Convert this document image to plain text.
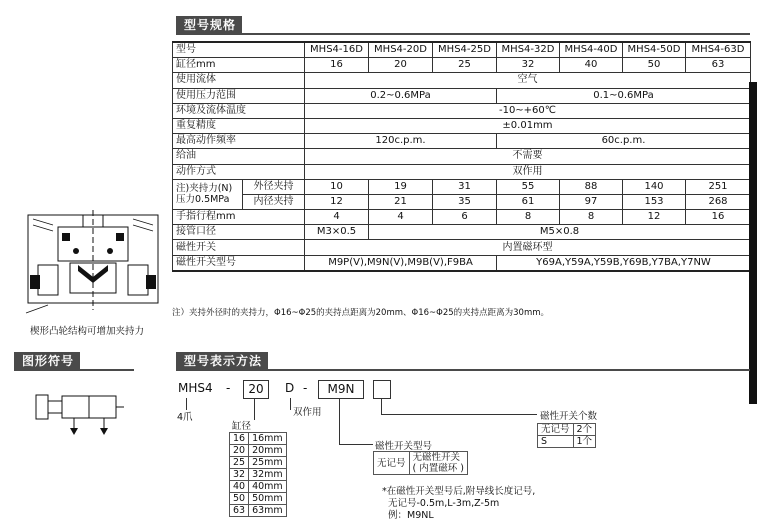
型号规格
型号		MHS4-16D	MHS4-20D	MHS4-25D	MHS4-32D	MHS4-40D	MHS4-50D	MHS4-63D
缸径mm		16	20	25	32	40	50	63
使用流体		空气						
使用压力范围		0.2~0.6MPa			0.1~0.6MPa			
环境及流体温度		-10~+60℃						
重复精度		±0.01mm						
最高动作频率		120c.p.m.			60c.p.m.			
给油		不需要						
动作方式		双作用						

注)夹持力(N)
压力0.5MPa	外径夹持	10	19	31	55	88	140	251
	内径夹持	12	21	35	61	97	153	268
手指行程mm		4	4	6	8	8	12	16
接管口径		M3×0.5	M5×0.8					
磁性开关		内置磁环型						
磁性开关型号		M9P(V),M9N(V),M9B(V),F9BA			Y69A,Y59A,Y59B,Y69B,Y7BA,Y7NW			
注）夹持外径时的夹持力，Φ16~Φ25的夹持点距离为20mm、Φ16~Φ25的夹持点距离为30mm。
楔形凸轮结构可增加夹持力
图形符号	型号表示方法
MHS4 -	20	D -	M9N
4爪
缸径
双作用
磁性开关型号
磁性开关个数
16	16mm
20	20mm
25	25mm
32	32mm
40	40mm
50	50mm
63	63mm
无记号	无磁性开关
( 内置磁环 )
*在磁性开关型号后,附导线长度记号,
无记号-0.5m,L-3m,Z-5m
例：M9NL
无记号	2个
S	1个
